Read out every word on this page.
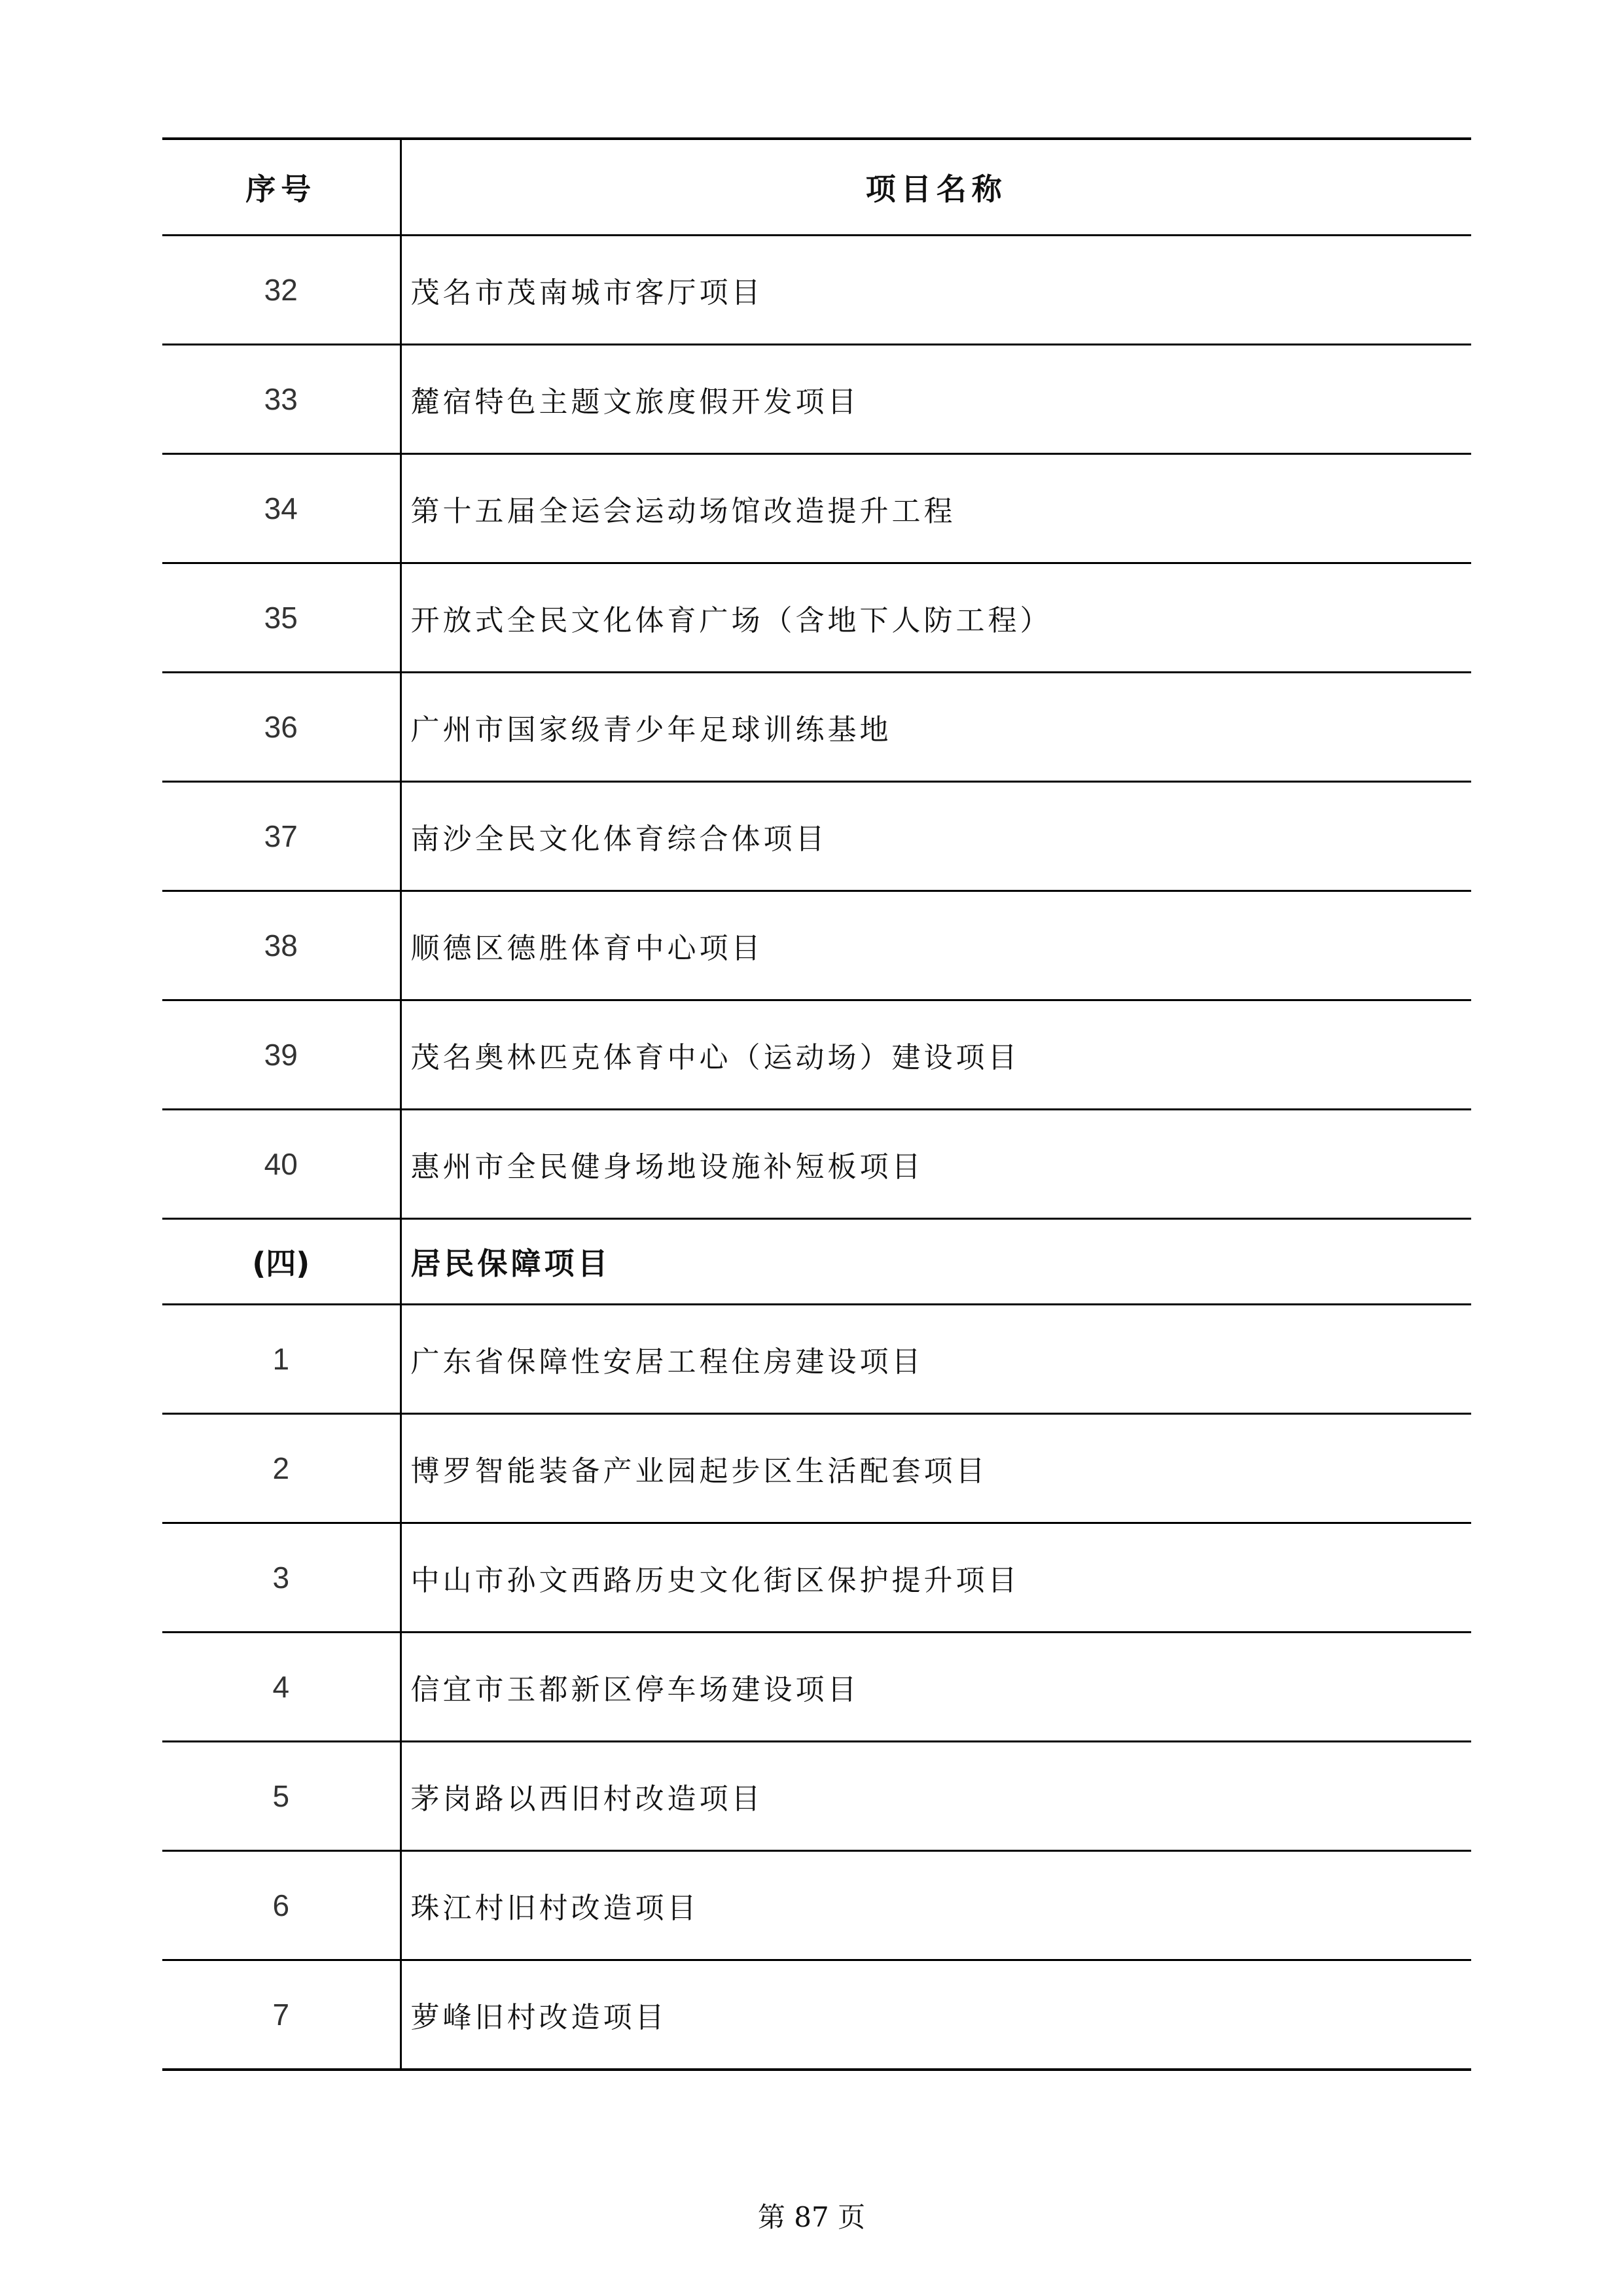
序号	项目名称
32	茂名市茂南城市客厅项目
33	麓宿特色主题文旅度假开发项目
34	第十五届全运会运动场馆改造提升工程
35	开放式全民文化体育广场（含地下人防工程）
36	广州市国家级青少年足球训练基地
37	南沙全民文化体育综合体项目
38	顺德区德胜体育中心项目
39	茂名奥林匹克体育中心（运动场）建设项目
40	惠州市全民健身场地设施补短板项目
(四)	居民保障项目
1	广东省保障性安居工程住房建设项目
2	博罗智能装备产业园起步区生活配套项目
3	中山市孙文西路历史文化街区保护提升项目
4	信宜市玉都新区停车场建设项目
5	茅岗路以西旧村改造项目
6	珠江村旧村改造项目
7	萝峰旧村改造项目
第 87 页
